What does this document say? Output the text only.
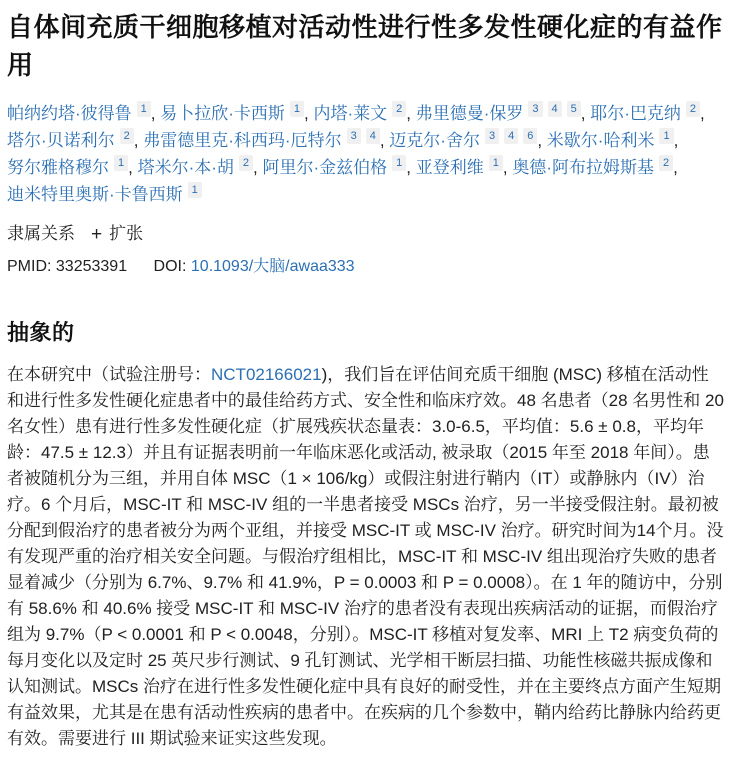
自体间充质干细胞移植对活动性进行性多发性硬化症的有益作用
帕纳约塔·彼得鲁 1 , 易卜拉欣·卡西斯 1 , 内塔·莱文 2 , 弗里德曼·保罗 3 4 5 , 耶尔·巴克纳 2 , 塔尔·贝诺利尔 2 , 弗雷德里克·科西玛·厄特尔 3 4 , 迈克尔·舍尔 3 4 6 , 米歇尔·哈利米 1 , 努尔雅格穆尔 1 , 塔米尔·本·胡 2 , 阿里尔·金兹伯格 1 , 亚登利维 1 , 奥德·阿布拉姆斯基 2 , 迪米特里奥斯·卡鲁西斯 1
隶属关系 + 扩张
PMID: 33253391 DOI: 10.1093/大脑/awaa333
抽象的

在本研究中（试验注册号：NCT02166021)，我们旨在评估间充质干细胞 (MSC) 移植在活动性和进行性多发性硬化症患者中的最佳给药方式、安全性和临床疗效。48 名患者（28 名男性和 20 名女性）患有进行性多发性硬化症（扩展残疾状态量表：3.0-6.5，平均值：5.6 ± 0.8，平均年龄：47.5 ± 12.3）并且有证据表明前一年临床恶化或活动, 被录取（2015 年至 2018 年间）。患者被随机分为三组，并用自体 MSC（1 × 106/kg）或假注射进行鞘内（IT）或静脉内（IV）治疗。6 个月后，MSC-IT 和 MSC-IV 组的一半患者接受 MSCs 治疗，另一半接受假注射。最初被分配到假治疗的患者被分为两个亚组，并接受 MSC-IT 或 MSC-IV 治疗。研究时间为14个月。没有发现严重的治疗相关安全问题。与假治疗组相比，MSC-IT 和 MSC-IV 组出现治疗失败的患者显着减少（分别为 6.7%、9.7% 和 41.9%，P = 0.0003 和 P = 0.0008）。在 1 年的随访中，分别有 58.6% 和 40.6% 接受 MSC-IT 和 MSC-IV 治疗的患者没有表现出疾病活动的证据，而假治疗组为 9.7%（P < 0.0001 和 P < 0.0048，分别）。MSC-IT 移植对复发率、MRI 上 T2 病变负荷的每月变化以及定时 25 英尺步行测试、9 孔钉测试、光学相干断层扫描、功能性核磁共振成像和认知测试。MSCs 治疗在进行性多发性硬化症中具有良好的耐受性，并在主要终点方面产生短期有益效果，尤其是在患有活动性疾病的患者中。在疾病的几个参数中，鞘内给药比静脉内给药更有效。需要进行 III 期试验来证实这些发现。
